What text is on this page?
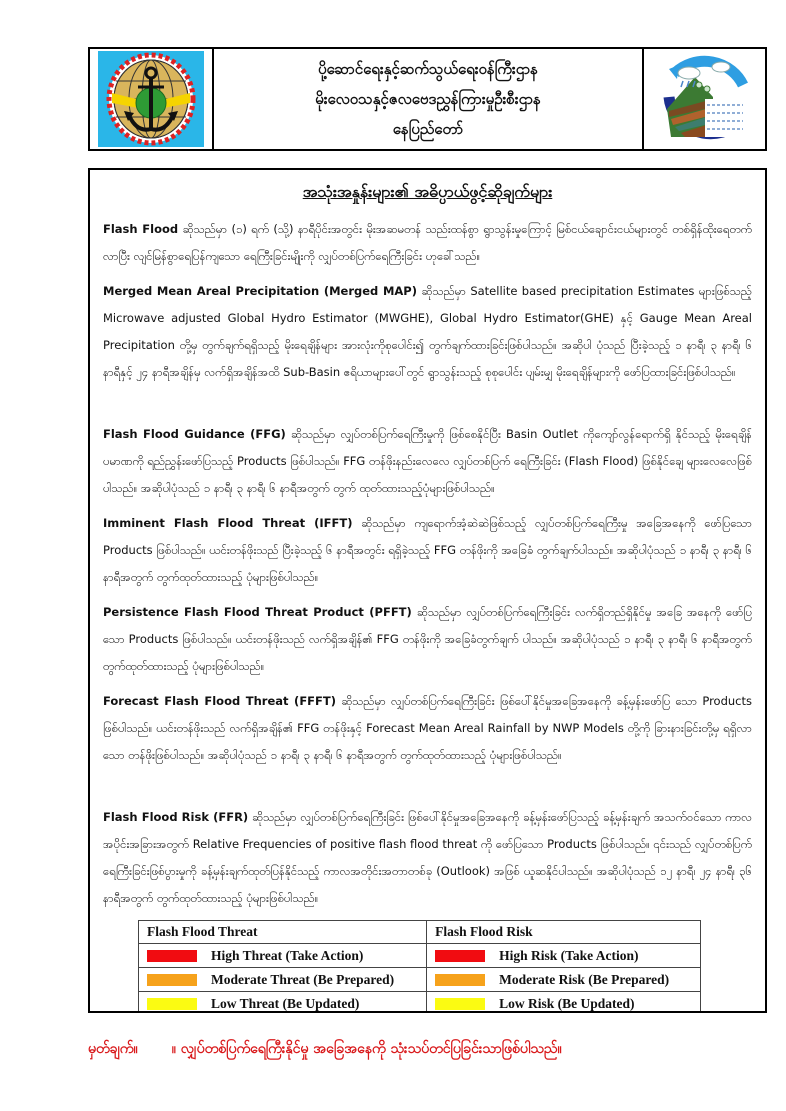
ပို့ဆောင်ရေးနှင့်ဆက်သွယ်ရေးဝန်ကြီးဌာန
မိုးလေဝသနှင့်ဇလဗေဒညွှန်ကြားမှုဦးစီးဌာန
နေပြည်တော်
အသုံးအနှုန်းများ၏ အဓိပ္ပာယ်ဖွင့်ဆိုချက်များ
Flash Flood ဆိုသည်မှာ (၁) ရက် (သို့) နာရီပိုင်းအတွင်း မိုးအဆမတန် သည်းထန်စွာ ရွာသွန်းမှုကြောင့် မြစ်ငယ်ချောင်းငယ်များတွင် တစ်ရှိန်ထိုးရေတက်လာပြီး လျင်မြန်စွာရေပြန်ကျသော ရေကြီးခြင်းမျိုးကို လျှပ်တစ်ပြက်ရေကြီးခြင်း ဟုခေါ်သည်။
Merged Mean Areal Precipitation (Merged MAP) ဆိုသည်မှာ Satellite based precipitation Estimates များဖြစ်သည့် Microwave adjusted Global Hydro Estimator (MWGHE), Global Hydro Estimator(GHE) နှင့် Gauge Mean Areal Precipitation တို့မှ တွက်ချက်ရရှိသည့် မိုးရေချိန်များ အားလုံးကိုစုပေါင်း၍ တွက်ချက်ထားခြင်းဖြစ်ပါသည်။ အဆိုပါ ပုံသည် ပြီးခဲ့သည့် ၁ နာရီ၊ ၃ နာရီ၊ ၆ နာရီနှင့် ၂၄ နာရီအချိန်မှ လက်ရှိအချိန်အထိ Sub-Basin ဧရိယာများပေါ်တွင် ရွာသွန်းသည့် စုစုပေါင်း ပျမ်းမျှ မိုးရေချိန်များကို ဖော်ပြထားခြင်းဖြစ်ပါသည်။
Flash Flood Guidance (FFG) ဆိုသည်မှာ လျှပ်တစ်ပြက်ရေကြီးမှုကို ဖြစ်စေနိုင်ပြီး Basin Outlet ကိုကျော်လွန်ရောက်ရှိ နိုင်သည့် မိုးရေချိန်ပမာဏကို ရည်ညွှန်းဖော်ပြသည့် Products ဖြစ်ပါသည်။ FFG တန်ဖိုးနည်းလေလေ လျှပ်တစ်ပြက် ရေကြီးခြင်း (Flash Flood) ဖြစ်နိုင်ချေ များလေလေဖြစ်ပါသည်။ အဆိုပါပုံသည် ၁ နာရီ၊ ၃ နာရီ၊ ၆ နာရီအတွက် တွက် ထုတ်ထားသည့်ပုံများဖြစ်ပါသည်။
Imminent Flash Flood Threat (IFFT) ဆိုသည်မှာ ကျရောက်အံ့ဆဲဆဲဖြစ်သည့် လျှပ်တစ်ပြက်ရေကြီးမှု အခြေအနေကို ဖော်ပြသော Products ဖြစ်ပါသည်။ ယင်းတန်ဖိုးသည် ပြီးခဲ့သည့် ၆ နာရီအတွင်း ရရှိခဲ့သည့် FFG တန်ဖိုးကို အခြေခံ တွက်ချက်ပါသည်။ အဆိုပါပုံသည် ၁ နာရီ၊ ၃ နာရီ၊ ၆ နာရီအတွက် တွက်ထုတ်ထားသည့် ပုံများဖြစ်ပါသည်။
Persistence Flash Flood Threat Product (PFFT) ဆိုသည်မှာ လျှပ်တစ်ပြက်ရေကြီးခြင်း လက်ရှိတည်ရှိနိုင်မှု အခြေ အနေကို ဖော်ပြသော Products ဖြစ်ပါသည်။ ယင်းတန်ဖိုးသည် လက်ရှိအချိန်၏ FFG တန်ဖိုးကို အခြေခံတွက်ချက် ပါသည်။ အဆိုပါပုံသည် ၁ နာရီ၊ ၃ နာရီ၊ ၆ နာရီအတွက် တွက်ထုတ်ထားသည့် ပုံများဖြစ်ပါသည်။
Forecast Flash Flood Threat (FFFT) ဆိုသည်မှာ လျှပ်တစ်ပြက်ရေကြီးခြင်း ဖြစ်ပေါ်နိုင်မှုအခြေအနေကို ခန့်မှန်းဖော်ပြ သော Products ဖြစ်ပါသည်။ ယင်းတန်ဖိုးသည် လက်ရှိအချိန်၏ FFG တန်ဖိုးနှင့် Forecast Mean Areal Rainfall by NWP Models တို့ကို ခြားနားခြင်းတို့မှ ရရှိလာသော တန်ဖိုးဖြစ်ပါသည်။ အဆိုပါပုံသည် ၁ နာရီ၊ ၃ နာရီ၊ ၆ နာရီအတွက် တွက်ထုတ်ထားသည့် ပုံများဖြစ်ပါသည်။
Flash Flood Risk (FFR) ဆိုသည်မှာ လျှပ်တစ်ပြက်ရေကြီးခြင်း ဖြစ်ပေါ်နိုင်မှုအခြေအနေကို ခန့်မှန်းဖော်ပြသည့် ခန့်မှန်းချက် အသက်ဝင်သော ကာလအပိုင်းအခြားအတွက် Relative Frequencies of positive flash flood threat ကို ဖော်ပြသော Products ဖြစ်ပါသည်။ ၎င်းသည် လျှပ်တစ်ပြက်ရေကြီးခြင်းဖြစ်ပွားမှုကို ခန့်မှန်းချက်ထုတ်ပြန်နိုင်သည့် ကာလအတိုင်းအတာတစ်ခု (Outlook) အဖြစ် ယူဆနိုင်ပါသည်။ အဆိုပါပုံသည် ၁၂ နာရီ၊ ၂၄ နာရီ၊ ၃၆ နာရီအတွက် တွက်ထုတ်ထားသည့် ပုံများဖြစ်ပါသည်။
Flash Flood Threat	Flash Flood Risk

High Threat (Take Action)	High Risk (Take Action)

Moderate Threat (Be Prepared)	Moderate Risk (Be Prepared)

Low Threat (Be Updated)	Low Risk (Be Updated)
မှတ်ချက်။ ။ လျှပ်တစ်ပြက်ရေကြီးနိုင်မှု အခြေအနေကို သုံးသပ်တင်ပြခြင်းသာဖြစ်ပါသည်။
